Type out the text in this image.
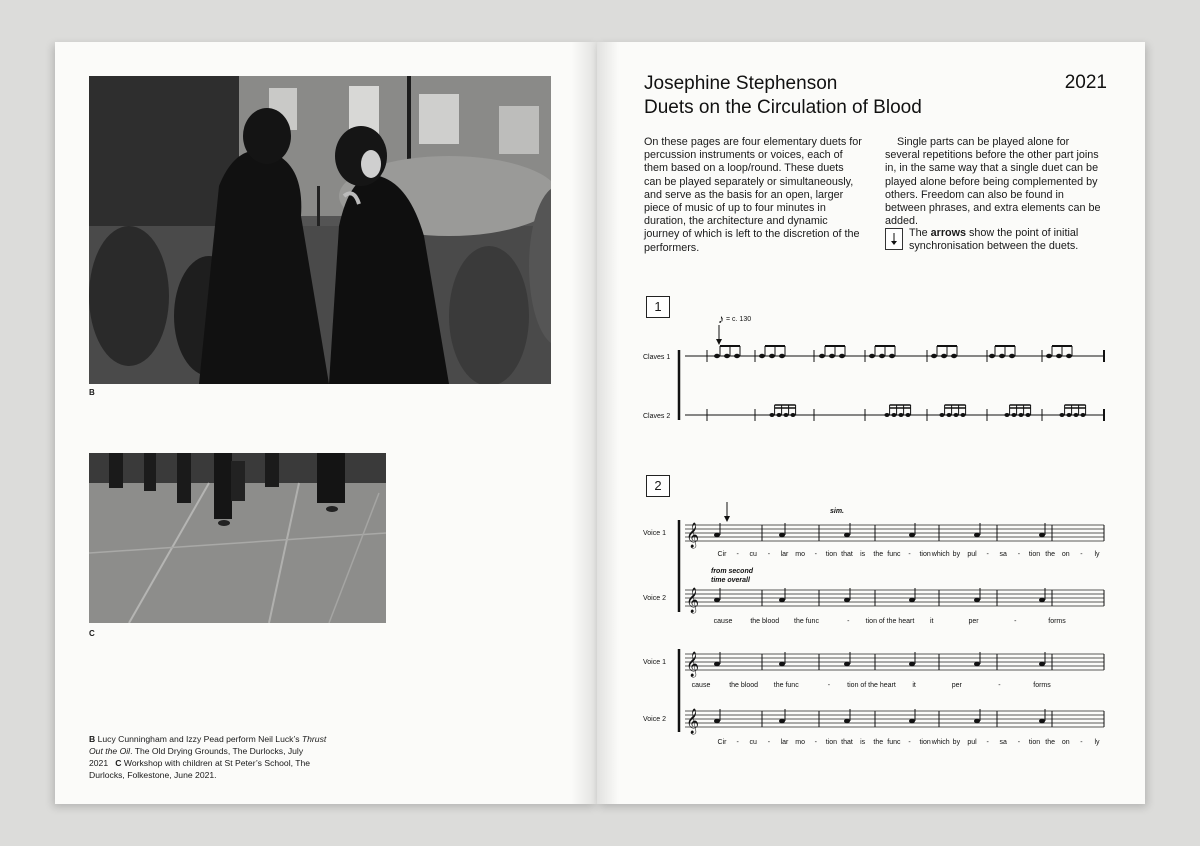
B
C
B Lucy Cunningham and Izzy Pead perform Neil Luck’s Thrust Out the Oil. The Old Drying Grounds, The Durlocks, July 2021 C Workshop with children at St Peter’s School, The Durlocks, Folkestone, June 2021.
Josephine Stephenson
Duets on the Circulation of Blood
2021
On these pages are four elementary duets for percussion instruments or voices, each of them based on a loop/round. These duets can be played separately or simultaneously, and serve as the basis for an open, larger piece of music of up to four minutes in duration, the architecture and dynamic journey of which is left to the discretion of the performers.

Single parts can be played alone for several repetitions before the other part joins in, in the same way that a single duet can be played alone before being complemented by others. Freedom can also be found in between phrases, and extra elements can be added.

The arrows show the point of initial synchronisation between the duets.
1
2
♪ = c. 130
Claves 1
Claves 2
sim.
Voice 1
Voice 2
from second
time overall
Voice 1
Voice 2
𝄞
𝄞
𝄞
𝄞
Cir - cu - lar mo - tion that is the func - tion which by pul - sa - tion the on - ly
cause	the blood the func	- tion of the heart it	per	-	forms
cause	the blood the func	- tion of the heart it	per	-	forms
Cir - cu - lar mo - tion that is the func - tion which by pul - sa - tion the on - ly
